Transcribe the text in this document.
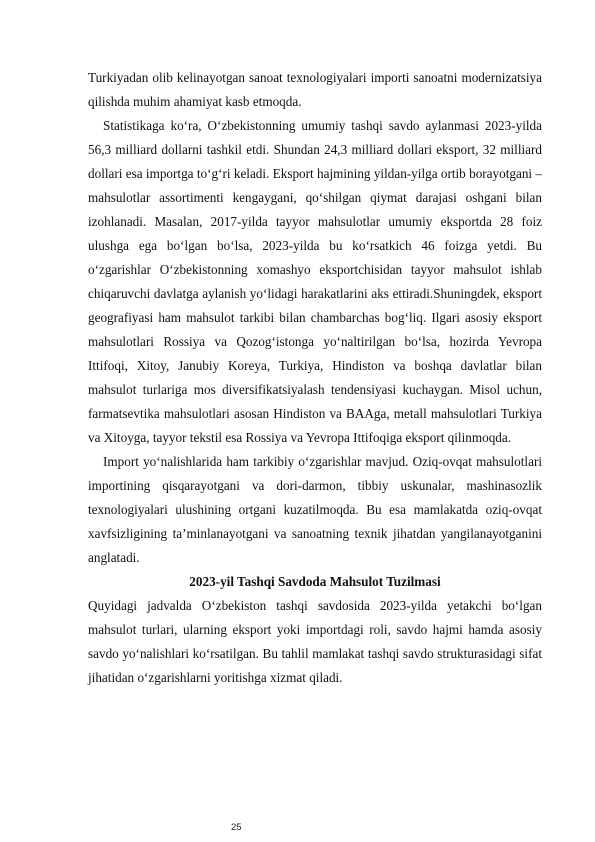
Turkiyadan olib kelinayotgan sanoat texnologiyalari importi sanoatni modernizatsiya qilishda muhim ahamiyat kasb etmoqda.

Statistikaga ko‘ra, O‘zbekistonning umumiy tashqi savdo aylanmasi 2023-yilda 56,3 milliard dollarni tashkil etdi. Shundan 24,3 milliard dollari eksport, 32 milliard dollari esa importga to‘g‘ri keladi. Eksport hajmining yildan-yilga ortib borayotgani – mahsulotlar assortimenti kengaygani, qo‘shilgan qiymat darajasi oshgani bilan izohlanadi. Masalan, 2017-yilda tayyor mahsulotlar umumiy eksportda 28 foiz ulushga ega bo‘lgan bo‘lsa, 2023-yilda bu ko‘rsatkich 46 foizga yetdi. Bu o‘zgarishlar O‘zbekistonning xomashyo eksportchisidan tayyor mahsulot ishlab chiqaruvchi davlatga aylanish yo‘lidagi harakatlarini aks ettiradi.Shuningdek, eksport geografiyasi ham mahsulot tarkibi bilan chambarchas bog‘liq. Ilgari asosiy eksport mahsulotlari Rossiya va Qozog‘istonga yo‘naltirilgan bo‘lsa, hozirda Yevropa Ittifoqi, Xitoy, Janubiy Koreya, Turkiya, Hindiston va boshqa davlatlar bilan mahsulot turlariga mos diversifikatsiyalash tendensiyasi kuchaygan. Misol uchun, farmatsevtika mahsulotlari asosan Hindiston va BAAga, metall mahsulotlari Turkiya va Xitoyga, tayyor tekstil esa Rossiya va Yevropa Ittifoqiga eksport qilinmoqda.

Import yo‘nalishlarida ham tarkibiy o‘zgarishlar mavjud. Oziq-ovqat mahsulotlari importining qisqarayotgani va dori-darmon, tibbiy uskunalar, mashinasozlik texnologiyalari ulushining ortgani kuzatilmoqda. Bu esa mamlakatda oziq-ovqat xavfsizligining ta’minlanayotgani va sanoatning texnik jihatdan yangilanayotganini anglatadi.

2023-yil Tashqi Savdoda Mahsulot Tuzilmasi

Quyidagi jadvalda O‘zbekiston tashqi savdosida 2023-yilda yetakchi bo‘lgan mahsulot turlari, ularning eksport yoki importdagi roli, savdo hajmi hamda asosiy savdo yo‘nalishlari ko‘rsatilgan. Bu tahlil mamlakat tashqi savdo strukturasidagi sifat jihatidan o‘zgarishlarni yoritishga xizmat qiladi.

25
